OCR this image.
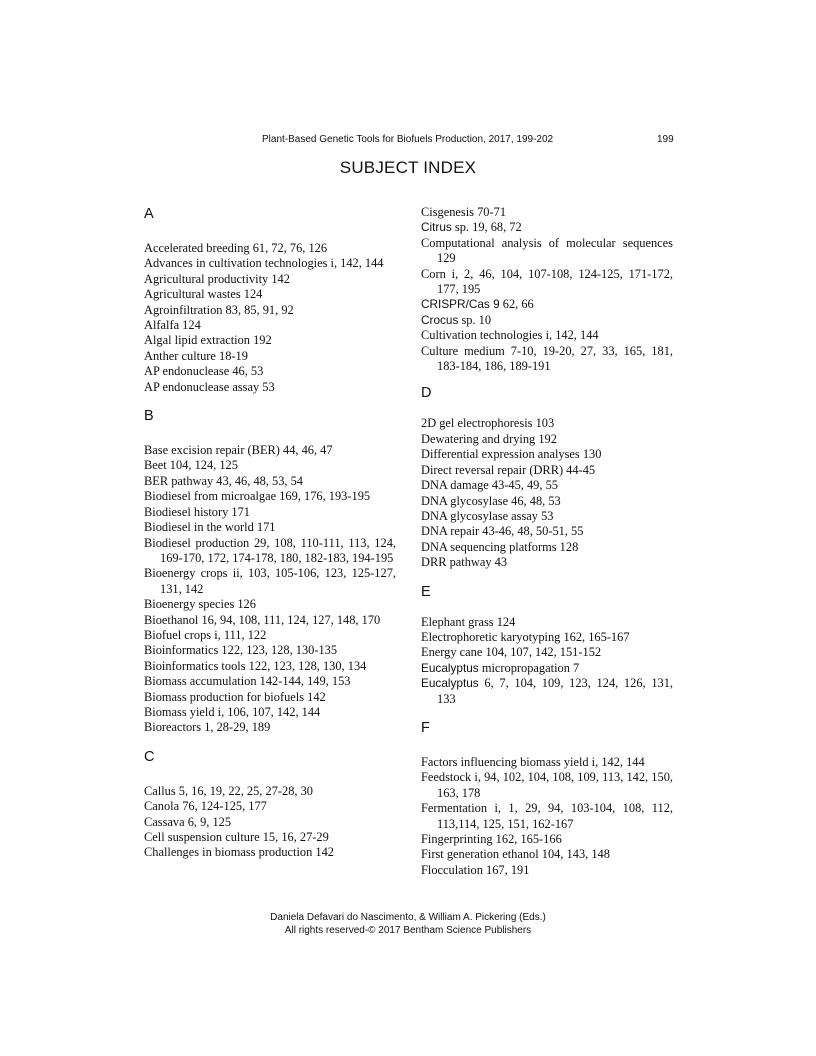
Plant-Based Genetic Tools for Biofuels Production, 2017, 199-202	199
SUBJECT INDEX
A

Accelerated breeding 61, 72, 76, 126

Advances in cultivation technologies i, 142, 144

Agricultural productivity 142

Agricultural wastes 124

Agroinfiltration 83, 85, 91, 92

Alfalfa 124

Algal lipid extraction 192

Anther culture 18-19

AP endonuclease 46, 53

AP endonuclease assay 53

B

Base excision repair (BER) 44, 46, 47

Beet 104, 124, 125

BER pathway 43, 46, 48, 53, 54

Biodiesel from microalgae 169, 176, 193-195

Biodiesel history 171

Biodiesel in the world 171

Biodiesel production 29, 108, 110-111, 113, 124, 169-170, 172, 174-178, 180, 182-183, 194-195

Bioenergy crops ii, 103, 105-106, 123, 125-127, 131, 142

Bioenergy species 126

Bioethanol 16, 94, 108, 111, 124, 127, 148, 170

Biofuel crops i, 111, 122

Bioinformatics 122, 123, 128, 130-135

Bioinformatics tools 122, 123, 128, 130, 134

Biomass accumulation 142-144, 149, 153

Biomass production for biofuels 142

Biomass yield i, 106, 107, 142, 144

Bioreactors 1, 28-29, 189

C

Callus 5, 16, 19, 22, 25, 27-28, 30

Canola 76, 124-125, 177

Cassava 6, 9, 125

Cell suspension culture 15, 16, 27-29

Challenges in biomass production 142

Cisgenesis 70-71

Citrus sp. 19, 68, 72

Computational analysis of molecular sequences 129

Corn i, 2, 46, 104, 107-108, 124-125, 171-172, 177, 195

CRISPR/Cas 9 62, 66

Crocus sp. 10

Cultivation technologies i, 142, 144

Culture medium 7-10, 19-20, 27, 33, 165, 181, 183-184, 186, 189-191

D

2D gel electrophoresis 103

Dewatering and drying 192

Differential expression analyses 130

Direct reversal repair (DRR) 44-45

DNA damage 43-45, 49, 55

DNA glycosylase 46, 48, 53

DNA glycosylase assay 53

DNA repair 43-46, 48, 50-51, 55

DNA sequencing platforms 128

DRR pathway 43

E

Elephant grass 124

Electrophoretic karyotyping 162, 165-167

Energy cane 104, 107, 142, 151-152

Eucalyptus micropropagation 7

Eucalyptus 6, 7, 104, 109, 123, 124, 126, 131, 133

F

Factors influencing biomass yield i, 142, 144

Feedstock i, 94, 102, 104, 108, 109, 113, 142, 150, 163, 178

Fermentation i, 1, 29, 94, 103-104, 108, 112, 113,114, 125, 151, 162-167

Fingerprinting 162, 165-166

First generation ethanol 104, 143, 148

Flocculation 167, 191

Daniela Defavari do Nascimento, & William A. Pickering (Eds.)
All rights reserved-© 2017 Bentham Science Publishers
